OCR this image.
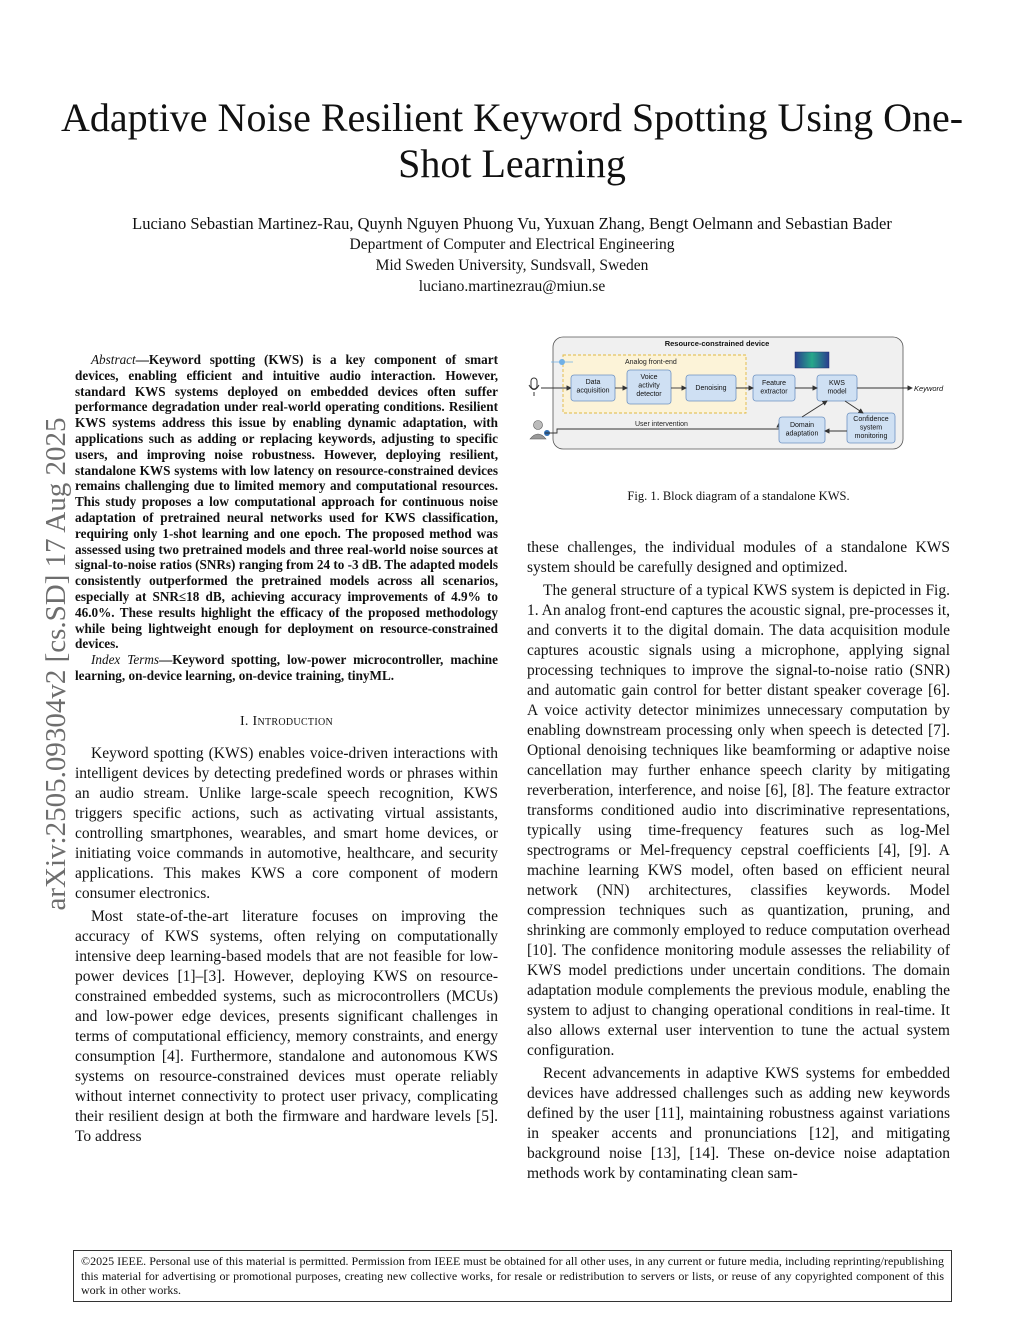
Adaptive Noise Resilient Keyword Spotting Using One-Shot Learning
Luciano Sebastian Martinez-Rau, Quynh Nguyen Phuong Vu, Yuxuan Zhang, Bengt Oelmann and Sebastian Bader
Department of Computer and Electrical Engineering
Mid Sweden University, Sundsvall, Sweden
luciano.martinezrau@miun.se
arXiv:2505.09304v2 [cs.SD] 17 Aug 2025

Abstract—Keyword spotting (KWS) is a key component of smart devices, enabling efficient and intuitive audio interaction. However, standard KWS systems deployed on embedded devices often suffer performance degradation under real-world operating conditions. Resilient KWS systems address this issue by enabling dynamic adaptation, with applications such as adding or replacing keywords, adjusting to specific users, and improving noise robustness. However, deploying resilient, standalone KWS systems with low latency on resource-constrained devices remains challenging due to limited memory and computational resources. This study proposes a low computational approach for continuous noise adaptation of pretrained neural networks used for KWS classification, requiring only 1-shot learning and one epoch. The proposed method was assessed using two pretrained models and three real-world noise sources at signal-to-noise ratios (SNRs) ranging from 24 to -3 dB. The adapted models consistently outperformed the pretrained models across all scenarios, especially at SNR≤18 dB, achieving accuracy improvements of 4.9% to 46.0%. These results highlight the efficacy of the proposed methodology while being lightweight enough for deployment on resource-constrained devices.

Index Terms—Keyword spotting, low-power microcontroller, machine learning, on-device learning, on-device training, tinyML.

I. Introduction

Keyword spotting (KWS) enables voice-driven interactions with intelligent devices by detecting predefined words or phrases within an audio stream. Unlike large-scale speech recognition, KWS triggers specific actions, such as activating virtual assistants, controlling smartphones, wearables, and smart home devices, or initiating voice commands in automotive, healthcare, and security applications. This makes KWS a core component of modern consumer electronics.

Most state-of-the-art literature focuses on improving the accuracy of KWS systems, often relying on computationally intensive deep learning-based models that are not feasible for low-power devices [1]–[3]. However, deploying KWS on resource-constrained embedded systems, such as microcontrollers (MCUs) and low-power edge devices, presents significant challenges in terms of computational efficiency, memory constraints, and energy consumption [4]. Furthermore, standalone and autonomous KWS systems on resource-constrained devices must operate reliably without internet connectivity to protect user privacy, complicating their resilient design at both the firmware and hardware levels [5]. To address

Resource-constrained device
Analog front-end
User intervention
Data acquisition
Voice activity detector
Denoising
Feature extractor
KWS model
Domain adaptation
Confidence system monitoring
Keyword
Fig. 1. Block diagram of a standalone KWS.

these challenges, the individual modules of a standalone KWS system should be carefully designed and optimized.

The general structure of a typical KWS system is depicted in Fig. 1. An analog front-end captures the acoustic signal, pre-processes it, and converts it to the digital domain. The data acquisition module captures acoustic signals using a microphone, applying signal processing techniques to improve the signal-to-noise ratio (SNR) and automatic gain control for better distant speaker coverage [6]. A voice activity detector minimizes unnecessary computation by enabling downstream processing only when speech is detected [7]. Optional denoising techniques like beamforming or adaptive noise cancellation may further enhance speech clarity by mitigating reverberation, interference, and noise [6], [8]. The feature extractor transforms conditioned audio into discriminative representations, typically using time-frequency features such as log-Mel spectrograms or Mel-frequency cepstral coefficients [4], [9]. A machine learning KWS model, often based on efficient neural network (NN) architectures, classifies keywords. Model compression techniques such as quantization, pruning, and shrinking are commonly employed to reduce computation overhead [10]. The confidence monitoring module assesses the reliability of KWS model predictions under uncertain conditions. The domain adaptation module complements the previous module, enabling the system to adjust to changing operational conditions in real-time. It also allows external user intervention to tune the actual system configuration.

Recent advancements in adaptive KWS systems for embedded devices have addressed challenges such as adding new keywords defined by the user [11], maintaining robustness against variations in speaker accents and pronunciations [12], and mitigating background noise [13], [14]. These on-device noise adaptation methods work by contaminating clean sam-

©2025 IEEE. Personal use of this material is permitted. Permission from IEEE must be obtained for all other uses, in any current or future media, including reprinting/republishing this material for advertising or promotional purposes, creating new collective works, for resale or redistribution to servers or lists, or reuse of any copyrighted component of this work in other works.
